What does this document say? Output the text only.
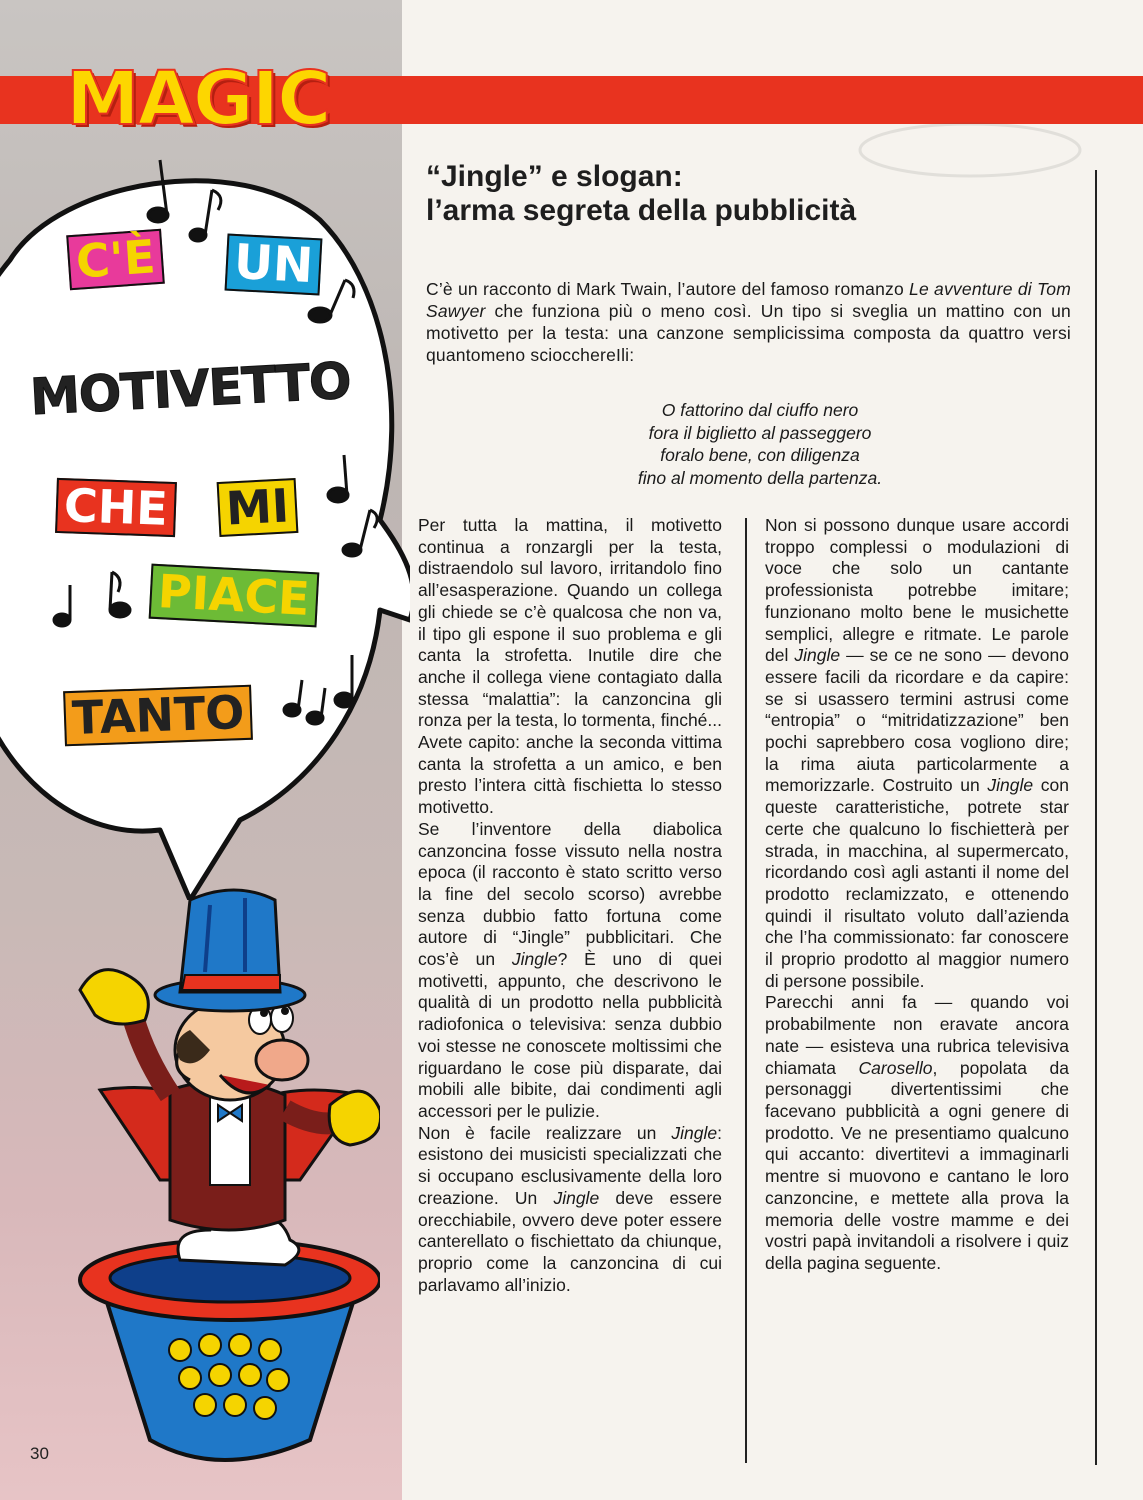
MAGIC
C'È UN
MOTIVETTO
CHE MI
PIACE
TANTO
30
“Jingle” e slogan:
l’arma segreta della pubblicità
C’è un racconto di Mark Twain, l’autore del famoso romanzo Le avventure di Tom Sawyer che funziona più o meno così. Un tipo si sveglia un mattino con un motivetto per la testa: una canzone semplicissima composta da quattro versi quantomeno sciocchereIli:
O fattorino dal ciuffo nero
fora il biglietto al passeggero
foralo bene, con diligenza
fino al momento della partenza.

Per tutta la mattina, il motivetto continua a ronzargli per la testa, distraendolo sul lavoro, irritandolo fino all’esasperazione. Quando un collega gli chiede se c’è qualcosa che non va, il tipo gli espone il suo problema e gli canta la strofetta. Inutile dire che anche il collega viene contagiato dalla stessa “malattia”: la canzoncina gli ronza per la testa, lo tormenta, finché... Avete capito: anche la seconda vittima canta la strofetta a un amico, e ben presto l’intera città fischietta lo stesso motivetto.

Se l’inventore della diabolica canzoncina fosse vissuto nella nostra epoca (il racconto è stato scritto verso la fine del secolo scorso) avrebbe senza dubbio fatto fortuna come autore di “Jingle” pubblicitari. Che cos’è un Jingle? È uno di quei motivetti, appunto, che descrivono le qualità di un prodotto nella pubblicità radiofonica o televisiva: senza dubbio voi stesse ne conoscete moltissimi che riguardano le cose più disparate, dai mobili alle bibite, dai condimenti agli accessori per le pulizie.

Non è facile realizzare un Jingle: esistono dei musicisti specializzati che si occupano esclusivamente della loro creazione. Un Jingle deve essere orecchiabile, ovvero deve poter essere canterellato o fischiettato da chiunque, proprio come la canzoncina di cui parlavamo all’inizio.

Non si possono dunque usare accordi troppo complessi o modulazioni di voce che solo un cantante professionista potrebbe imitare; funzionano molto bene le musichette semplici, allegre e ritmate. Le parole del Jingle — se ce ne sono — devono essere facili da ricordare e da capire: se si usassero termini astrusi come “entropia” o “mitridatizzazione” ben pochi saprebbero cosa vogliono dire; la rima aiuta particolarmente a memorizzarle. Costruito un Jingle con queste caratteristiche, potrete star certe che qualcuno lo fischietterà per strada, in macchina, al supermercato, ricordando così agli astanti il nome del prodotto reclamizzato, e ottenendo quindi il risultato voluto dall’azienda che l’ha commissionato: far conoscere il proprio prodotto al maggior numero di persone possibile.

Parecchi anni fa — quando voi probabilmente non eravate ancora nate — esisteva una rubrica televisiva chiamata Carosello, popolata da personaggi divertentissimi che facevano pubblicità a ogni genere di prodotto. Ve ne presentiamo qualcuno qui accanto: divertitevi a immaginarli mentre si muovono e cantano le loro canzoncine, e mettete alla prova la memoria delle vostre mamme e dei vostri papà invitandoli a risolvere i quiz della pagina seguente.
